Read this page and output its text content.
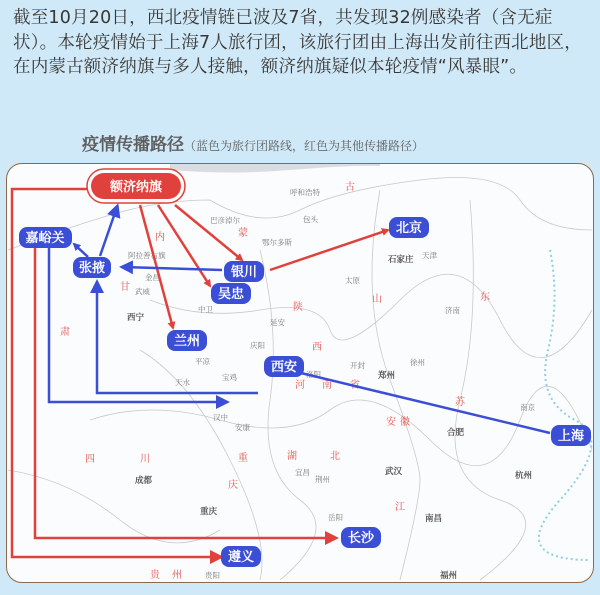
截至10月20日，西北疫情链已波及7省，共发现32例感染者（含无症状）。本轮疫情始于上海7人旅行团，该旅行团由上海出发前往西北地区，在内蒙古额济纳旗与多人接触，额济纳旗疑似本轮疫情“风暴眼”。
疫情传播路径（蓝色为旅行团路线，红色为其他传播路径）
呼和浩特
包头
鄂尔多斯
天津
石家庄
太原
济南
郑州
武汉
合肥
南京
杭州
南昌
成都
重庆
西宁
武威
金昌
延安
庆阳
天水
汉中
安康
宝鸡	洛阳
开封	徐州
宜昌
荆州
岳阳
福州
贵阳
巴彦淖尔
阿拉善右旗
中卫
平凉
内	蒙
古
甘
肃
陕
西
河 南 省
湖	北
四	川	重
庆
贵 州
江
苏
安 徽
山	东
额济纳旗
嘉峪关
张掖	银川
吴忠
兰州
北京
西安
上海
长沙
遵义
